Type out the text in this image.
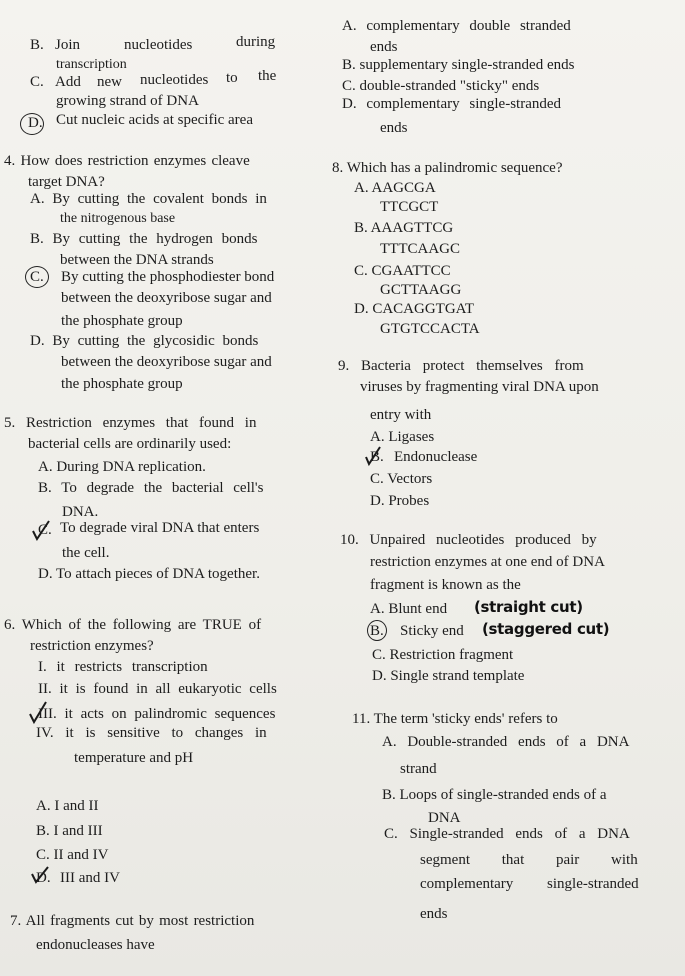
B. Join	nucleotides	during
transcription
C. Add new nucleotides to the
growing strand of DNA
D. Cut nucleic acids at specific area
4. How does restriction enzymes cleave
target DNA?
A. By cutting the covalent bonds in
the nitrogenous base
B. By cutting the hydrogen bonds
between the DNA strands
C. By cutting the phosphodiester bond
between the deoxyribose sugar and
the phosphate group
D. By cutting the glycosidic bonds
between the deoxyribose sugar and
the phosphate group
5. Restriction enzymes that found in
bacterial cells are ordinarily used:
A. During DNA replication.
B. To degrade the bacterial cell's
DNA.
C. To degrade viral DNA that enters
the cell.
D. To attach pieces of DNA together.
6. Which of the following are TRUE of
restriction enzymes?
I. it restricts transcription
II. it is found in all eukaryotic cells
III. it acts on palindromic sequences
IV. it is sensitive to changes in
temperature and pH
A. I and II
B. I and III
C. II and IV
D. III and IV
7. All fragments cut by most restriction
endonucleases have
A. complementary double stranded
ends
B. supplementary single-stranded ends
C. double-stranded "sticky" ends
D. complementary single-stranded
ends
8. Which has a palindromic sequence?
A. AAGCGA
TTCGCT
B. AAAGTTCG
TTTCAAGC
C. CGAATTCC
GCTTAAGG
D. CACAGGTGAT
GTGTCCACTA
9. Bacteria protect themselves from
viruses by fragmenting viral DNA upon
entry with
A. Ligases
B. Endonuclease
C. Vectors
D. Probes
10. Unpaired nucleotides produced by
restriction enzymes at one end of DNA
fragment is known as the
A. Blunt end (straight cut)
B. Sticky end (staggered cut)
C. Restriction fragment
D. Single strand template
11. The term 'sticky ends' refers to
A. Double-stranded ends of a DNA
strand
B. Loops of single-stranded ends of a
DNA
C. Single-stranded ends of a DNA
segment that pair with
complementary single-stranded
ends
